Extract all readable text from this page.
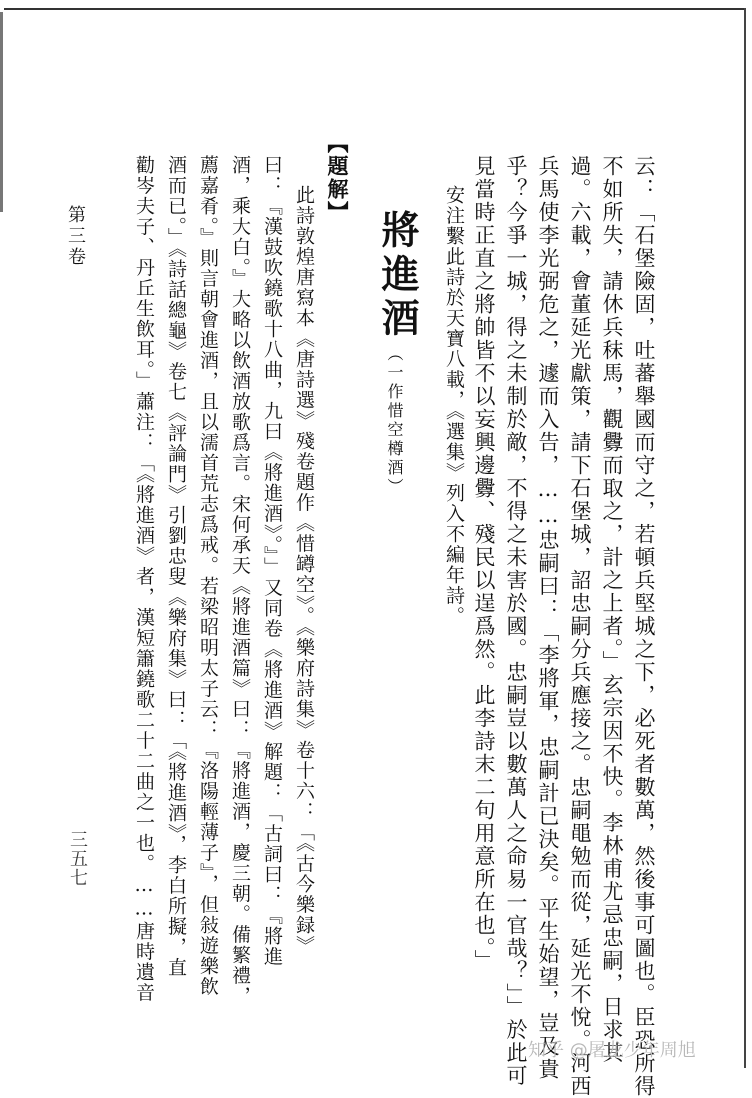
云：「石堡險固，吐蕃舉國而守之，若頓兵堅城之下，必死者數萬，然後事可圖也。臣恐所得

不如所失，請休兵秣馬，觀釁而取之，計之上者。」玄宗因不快。李林甫尤忌忠嗣，日求其

過。六載，會董延光獻策，請下石堡城，詔忠嗣分兵應接之。忠嗣黽勉而從，延光不悅。河西

兵馬使李光弼危之，遽而入告，……忠嗣曰：「李將軍，忠嗣計已決矣。平生始望，豈及貴

乎？今爭一城，得之未制於敵，不得之未害於國。忠嗣豈以數萬人之命易一官哉？」」於此可

見當時正直之將帥皆不以妄興邊釁、殘民以逞爲然。此李詩末二句用意所在也。」

安注繫此詩於天寶八載，《選集》列入不編年詩。

將進酒
（一作惜空樽酒）
【題解】

此詩敦煌唐寫本《唐詩選》殘卷題作《惜罇空》。《樂府詩集》卷十六：「《古今樂録》

曰：『漢鼓吹鐃歌十八曲，九曰《將進酒》。』」又同卷《將進酒》解題：「古詞曰：『將進

酒，乘大白。』大略以飲酒放歌爲言。宋何承天《將進酒篇》曰：『將進酒，慶三朝。備繁禮，

薦嘉肴。』則言朝會進酒，且以濡首荒志爲戒。若梁昭明太子云：『洛陽輕薄子』，但敍遊樂飲

酒而已。」《詩話總龜》卷七《評論門》引劉忠叟《樂府集》曰：「《將進酒》，李白所擬，直

勸岑夫子、丹丘生飲耳。」蕭注：「《將進酒》者，漢短簫鐃歌二十二曲之一也。……唐時遺音

第三卷
三五七
知乎 @屠龙少年周旭
